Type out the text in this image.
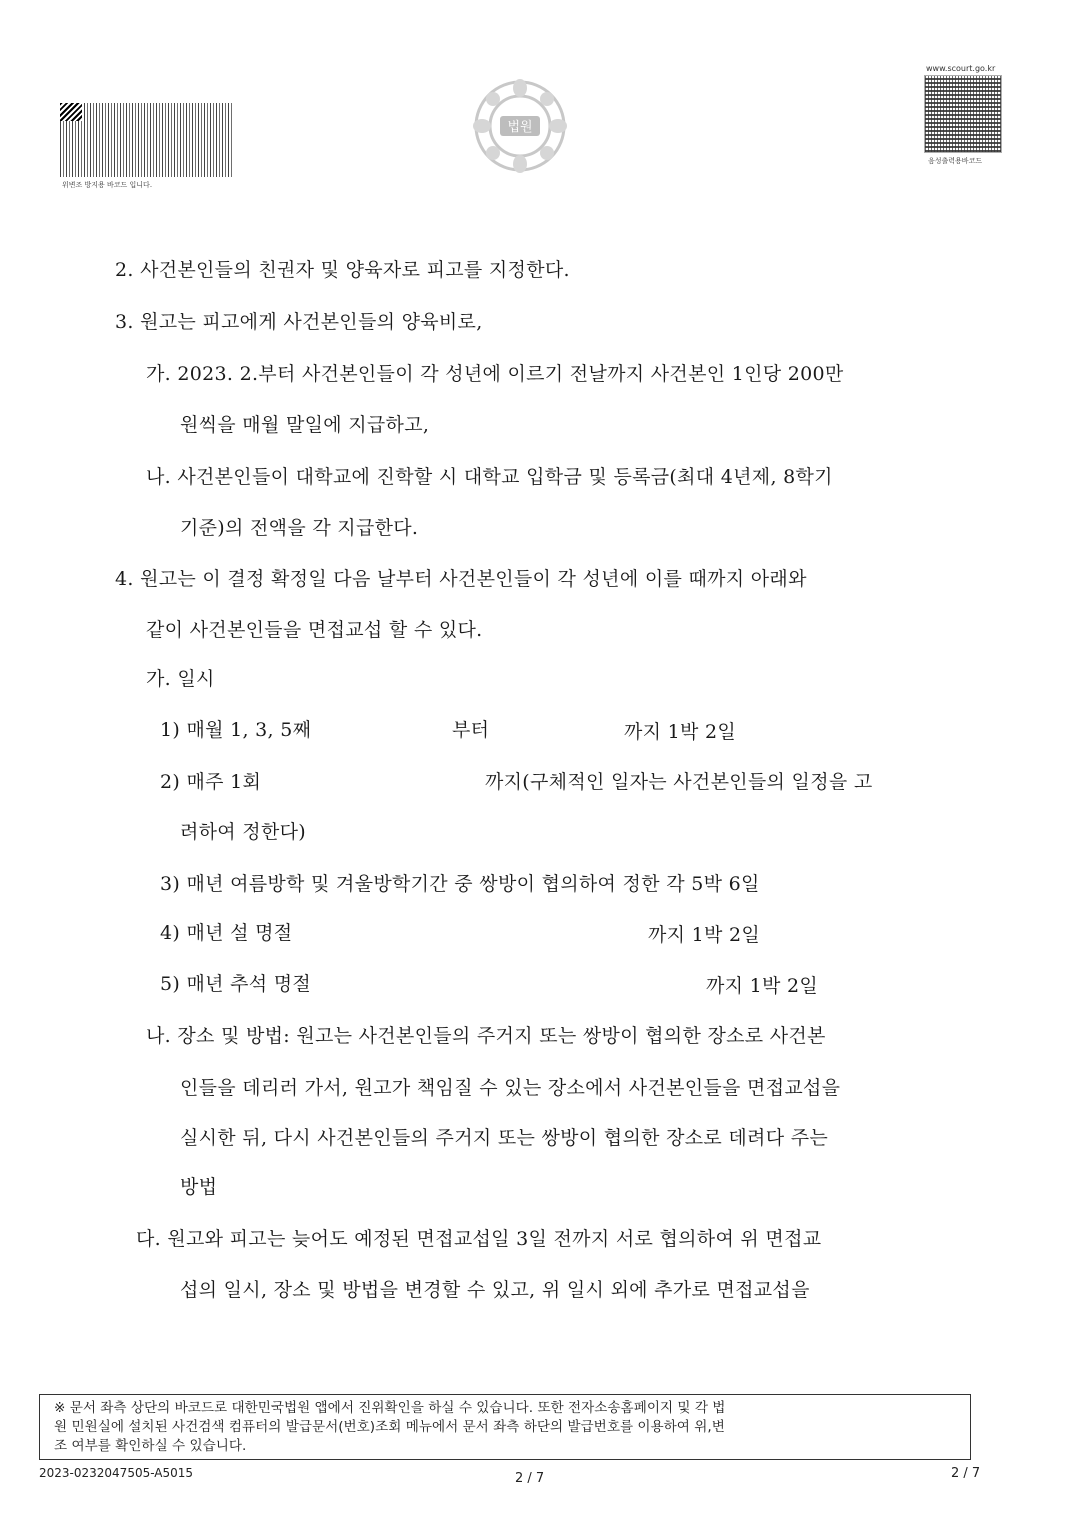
위변조 방지용 바코드 입니다.
법원
www.scourt.go.kr
음성출력용바코드
2. 사건본인들의 친권자 및 양육자로 피고를 지정한다.
3. 원고는 피고에게 사건본인들의 양육비로,
가. 2023. 2.부터 사건본인들이 각 성년에 이르기 전날까지 사건본인 1인당 200만
원씩을 매월 말일에 지급하고,
나. 사건본인들이 대학교에 진학할 시 대학교 입학금 및 등록금(최대 4년제, 8학기
기준)의 전액을 각 지급한다.
4. 원고는 이 결정 확정일 다음 날부터 사건본인들이 각 성년에 이를 때까지 아래와
같이 사건본인들을 면접교섭 할 수 있다.
가. 일시
1) 매월 1, 3, 5째	부터	까지 1박 2일
2) 매주 1회	까지(구체적인 일자는 사건본인들의 일정을 고
려하여 정한다)
3) 매년 여름방학 및 겨울방학기간 중 쌍방이 협의하여 정한 각 5박 6일
4) 매년 설 명절	까지 1박 2일
5) 매년 추석 명절	까지 1박 2일
나. 장소 및 방법: 원고는 사건본인들의 주거지 또는 쌍방이 협의한 장소로 사건본
인들을 데리러 가서, 원고가 책임질 수 있는 장소에서 사건본인들을 면접교섭을
실시한 뒤, 다시 사건본인들의 주거지 또는 쌍방이 협의한 장소로 데려다 주는
방법
다. 원고와 피고는 늦어도 예정된 면접교섭일 3일 전까지 서로 협의하여 위 면접교
섭의 일시, 장소 및 방법을 변경할 수 있고, 위 일시 외에 추가로 면접교섭을
※ 문서 좌측 상단의 바코드로 대한민국법원 앱에서 진위확인을 하실 수 있습니다. 또한 전자소송홈페이지 및 각 법
원 민원실에 설치된 사건검색 컴퓨터의 발급문서(번호)조회 메뉴에서 문서 좌측 하단의 발급번호를 이용하여 위,변
조 여부를 확인하실 수 있습니다.
2023-0232047505-A5015	2 / 7	2 / 7
